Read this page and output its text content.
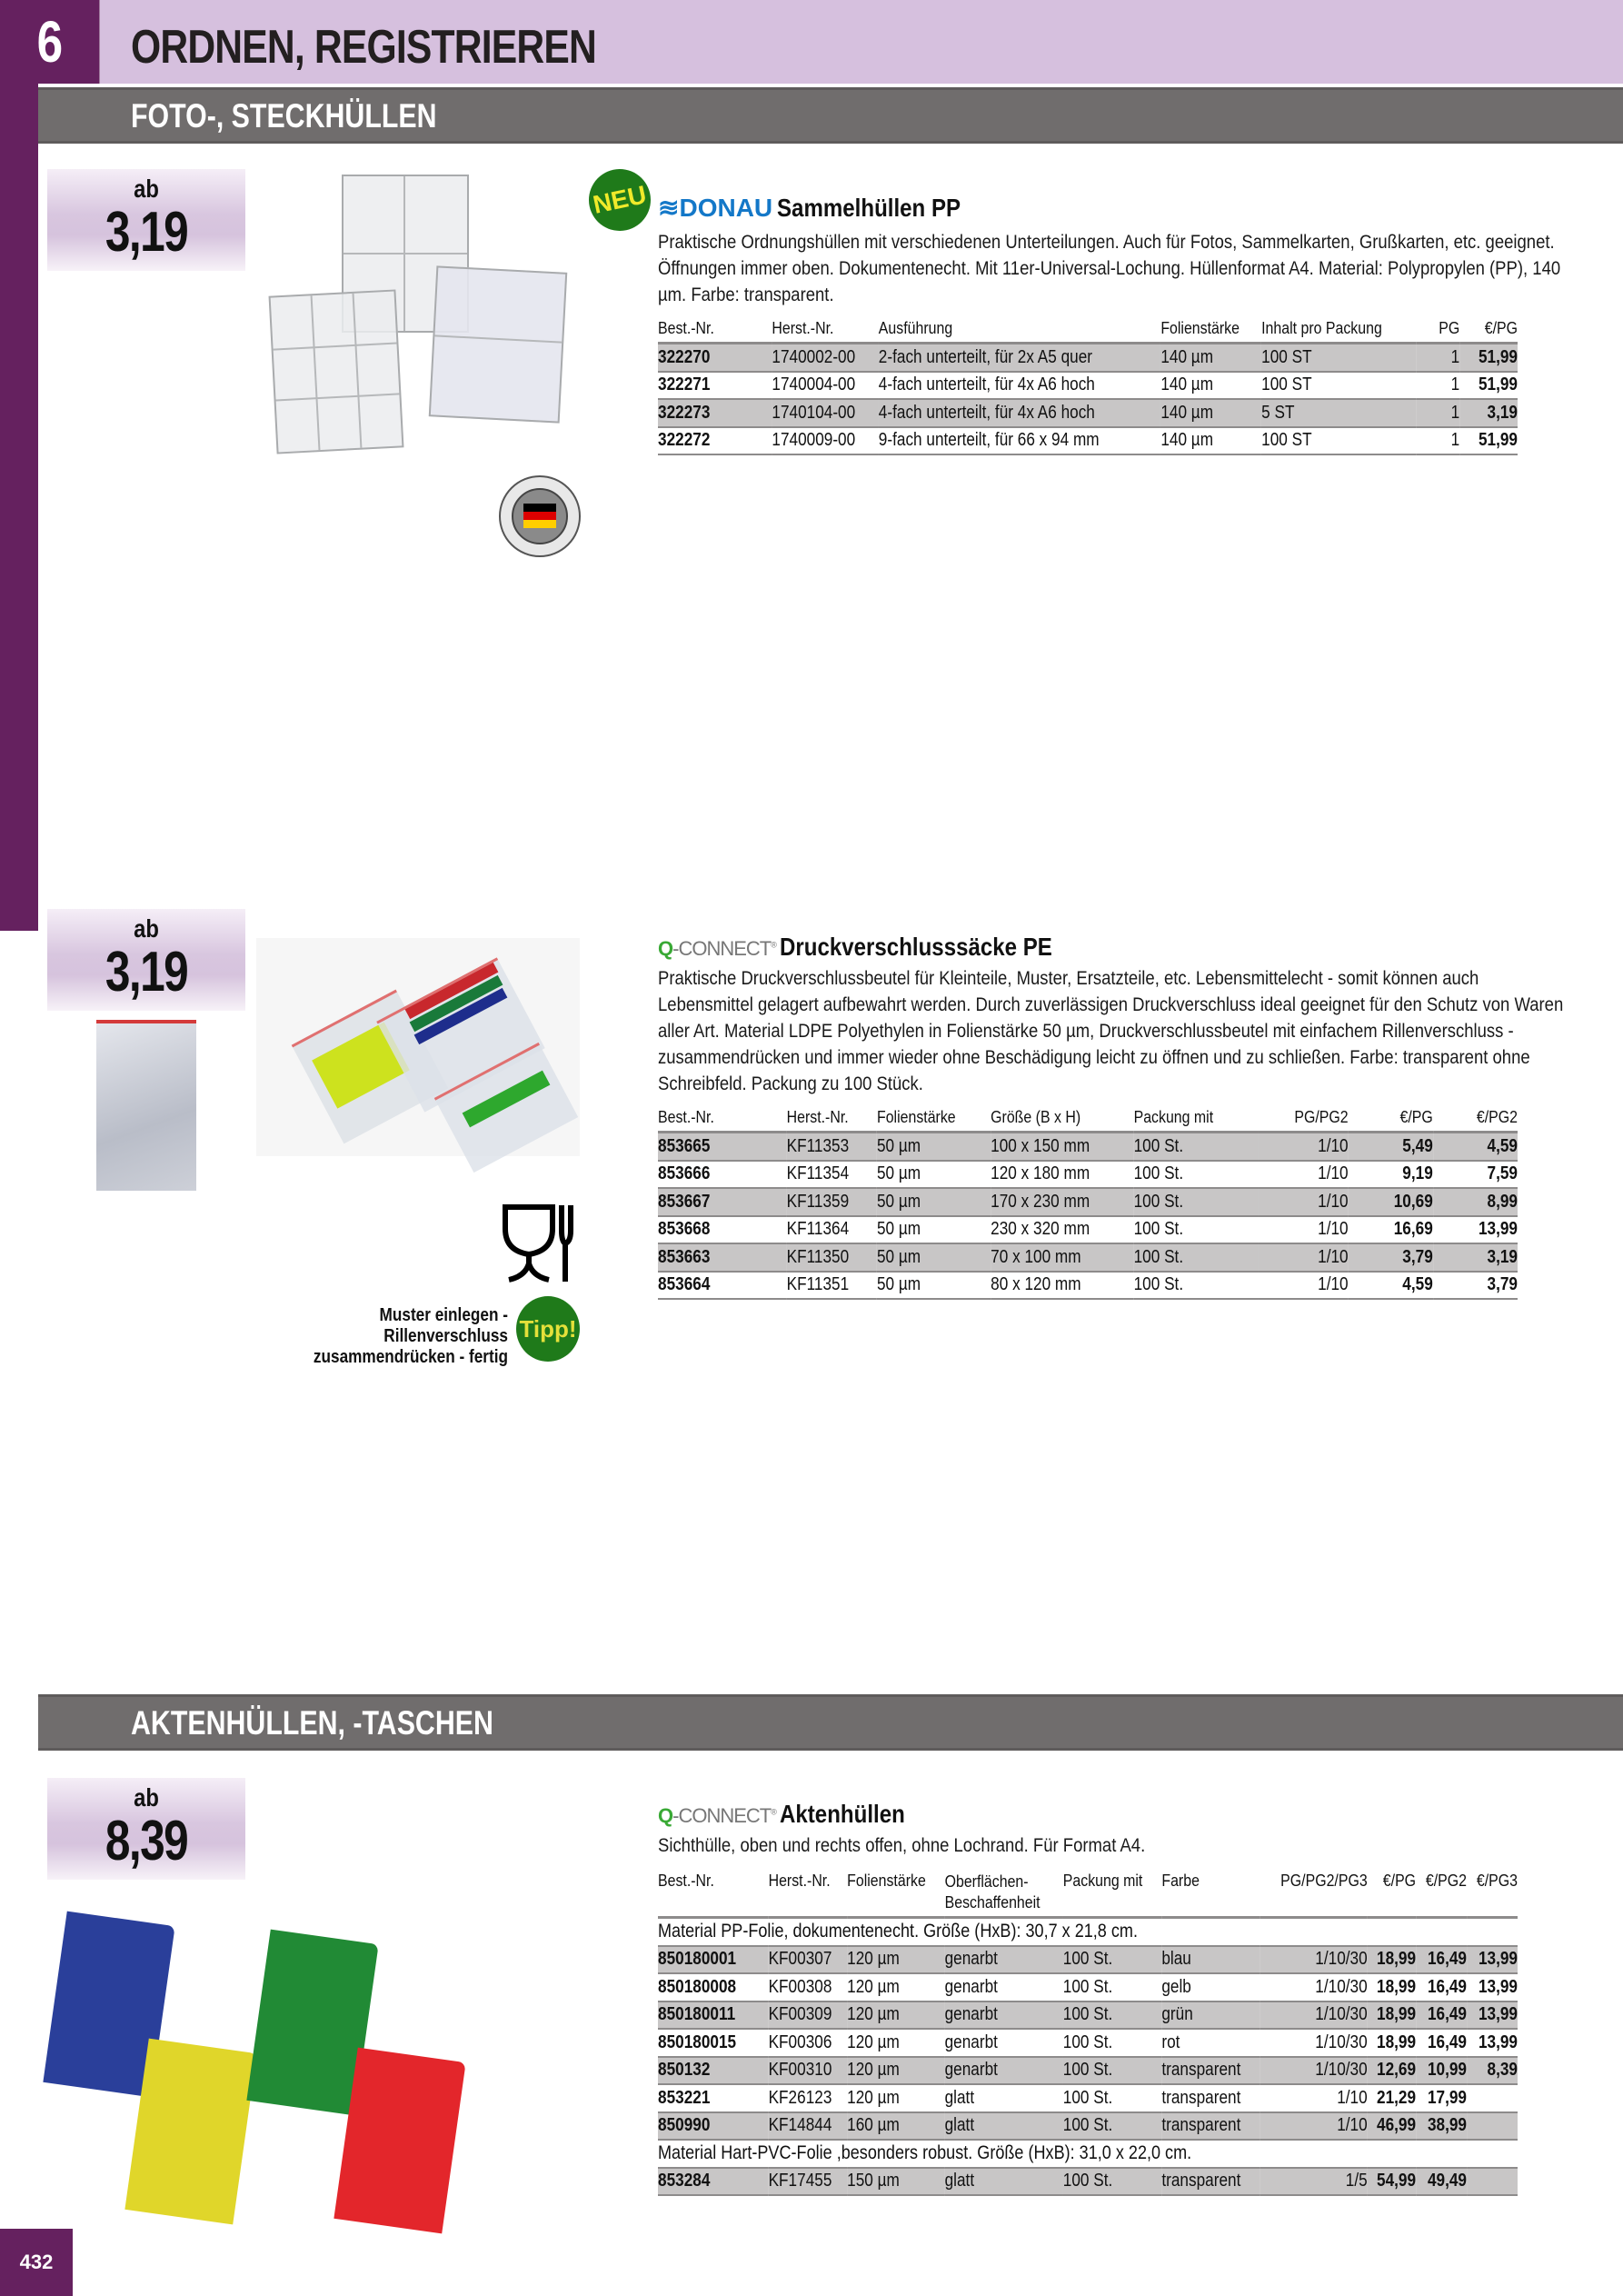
6	ORDNEN, REGISTRIEREN
FOTO-, STECKHÜLLEN
ab
3,19
NEU ≋DONAU Sammelhüllen PP
Praktische Ordnungshüllen mit verschiedenen Unterteilungen. Auch für Fotos, Sammelkarten, Grußkarten, etc. geeignet. Öffnungen immer oben. Dokumentenecht. Mit 11er-Universal-Lochung. Hüllenformat A4. Material: Polypropylen (PP), 140 µm. Farbe: transparent.
Best.-Nr.	Herst.-Nr.	Ausführung	Folienstärke	Inhalt pro Packung	PG	€/PG
322270	1740002-00	2-fach unterteilt, für 2x A5 quer	140 µm	100 ST	1	51,99
322271	1740004-00	4-fach unterteilt, für 4x A6 hoch	140 µm	100 ST	1	51,99
322273	1740104-00	4-fach unterteilt, für 4x A6 hoch	140 µm	5 ST	1	3,19
322272	1740009-00	9-fach unterteilt, für 66 x 94 mm	140 µm	100 ST	1	51,99
ab
3,19
Muster einlegen - Rillenverschluss
zusammendrücken - fertig
Tipp!
Q-CONNECT® Druckverschlusssäcke PE
Praktische Druckverschlussbeutel für Kleinteile, Muster, Ersatzteile, etc. Lebensmittelecht - somit können auch Lebensmittel gelagert aufbewahrt werden. Durch zuverlässigen Druckverschluss ideal geeignet für den Schutz von Waren aller Art. Material LDPE Polyethylen in Folienstärke 50 µm, Druckverschlussbeutel mit einfachem Rillenverschluss - zusammendrücken und immer wieder ohne Beschädigung leicht zu öffnen und zu schließen. Farbe: transparent ohne Schreibfeld. Packung zu 100 Stück.
Best.-Nr.	Herst.-Nr.	Folienstärke	Größe (B x H)	Packung mit	PG/PG2	€/PG	€/PG2
853665	KF11353	50 µm	100 x 150 mm	100 St.	1/10	5,49	4,59
853666	KF11354	50 µm	120 x 180 mm	100 St.	1/10	9,19	7,59
853667	KF11359	50 µm	170 x 230 mm	100 St.	1/10	10,69	8,99
853668	KF11364	50 µm	230 x 320 mm	100 St.	1/10	16,69	13,99
853663	KF11350	50 µm	70 x 100 mm	100 St.	1/10	3,79	3,19
853664	KF11351	50 µm	80 x 120 mm	100 St.	1/10	4,59	3,79
AKTENHÜLLEN, -TASCHEN
ab
8,39	Q-CONNECT® Aktenhüllen
Sichthülle, oben und rechts offen, ohne Lochrand. Für Format A4.
Best.-Nr.	Herst.-Nr.	Folienstärke	Oberflächen-Beschaffenheit	Packung mit	Farbe	PG/PG2/PG3	€/PG	€/PG2	€/PG3
Material PP-Folie, dokumentenecht. Größe (HxB): 30,7 x 21,8 cm.									
850180001	KF00307	120 µm	genarbt	100 St.	blau	1/10/30	18,99	16,49	13,99
850180008	KF00308	120 µm	genarbt	100 St.	gelb	1/10/30	18,99	16,49	13,99
850180011	KF00309	120 µm	genarbt	100 St.	grün	1/10/30	18,99	16,49	13,99
850180015	KF00306	120 µm	genarbt	100 St.	rot	1/10/30	18,99	16,49	13,99
850132	KF00310	120 µm	genarbt	100 St.	transparent	1/10/30	12,69	10,99	8,39
853221	KF26123	120 µm	glatt	100 St.	transparent	1/10	21,29	17,99	
850990	KF14844	160 µm	glatt	100 St.	transparent	1/10	46,99	38,99	
Material Hart-PVC-Folie ,besonders robust. Größe (HxB): 31,0 x 22,0 cm.									
853284	KF17455	150 µm	glatt	100 St.	transparent	1/5	54,99	49,49	
432
